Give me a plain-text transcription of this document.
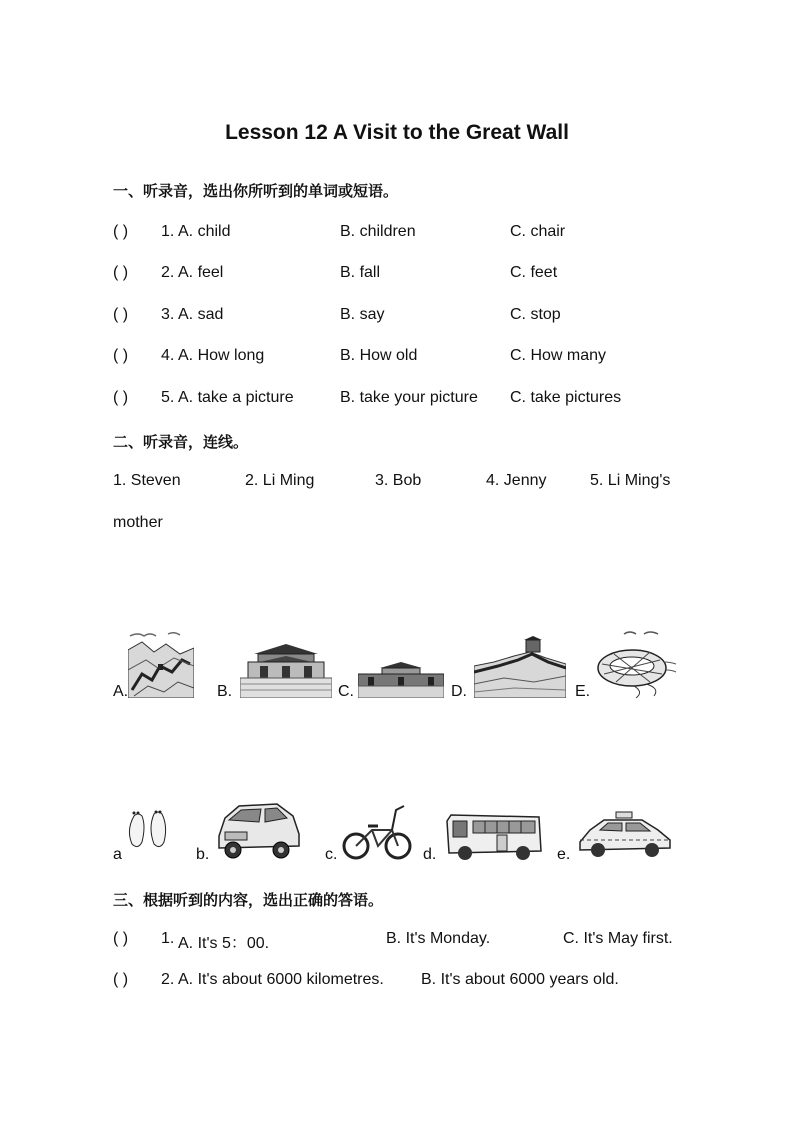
Lesson 12 A Visit to the Great Wall
一、听录音，选出你所听到的单词或短语。
( ) 1. A. child	B. children	C. chair
( ) 2. A. feel	B. fall	C. feet
( ) 3. A. sad	B. say	C. stop
( ) 4. A. How long	B. How old	C. How many
( ) 5. A. take a picture	B. take your picture C. take pictures
二、听录音，连线。
1. Steven	2. Li Ming	3. Bob	4. Jenny	5. Li Ming's
mother
A.	B.	C.	D.	E.
a	b.	c.	d.	e.
三、根据听到的内容，选出正确的答语。
( ) 1. A. It's 5：00.	B. It's Monday.	C. It's May first.
( ) 2. A. It's about 6000 kilometres. B. It's about 6000 years old.
